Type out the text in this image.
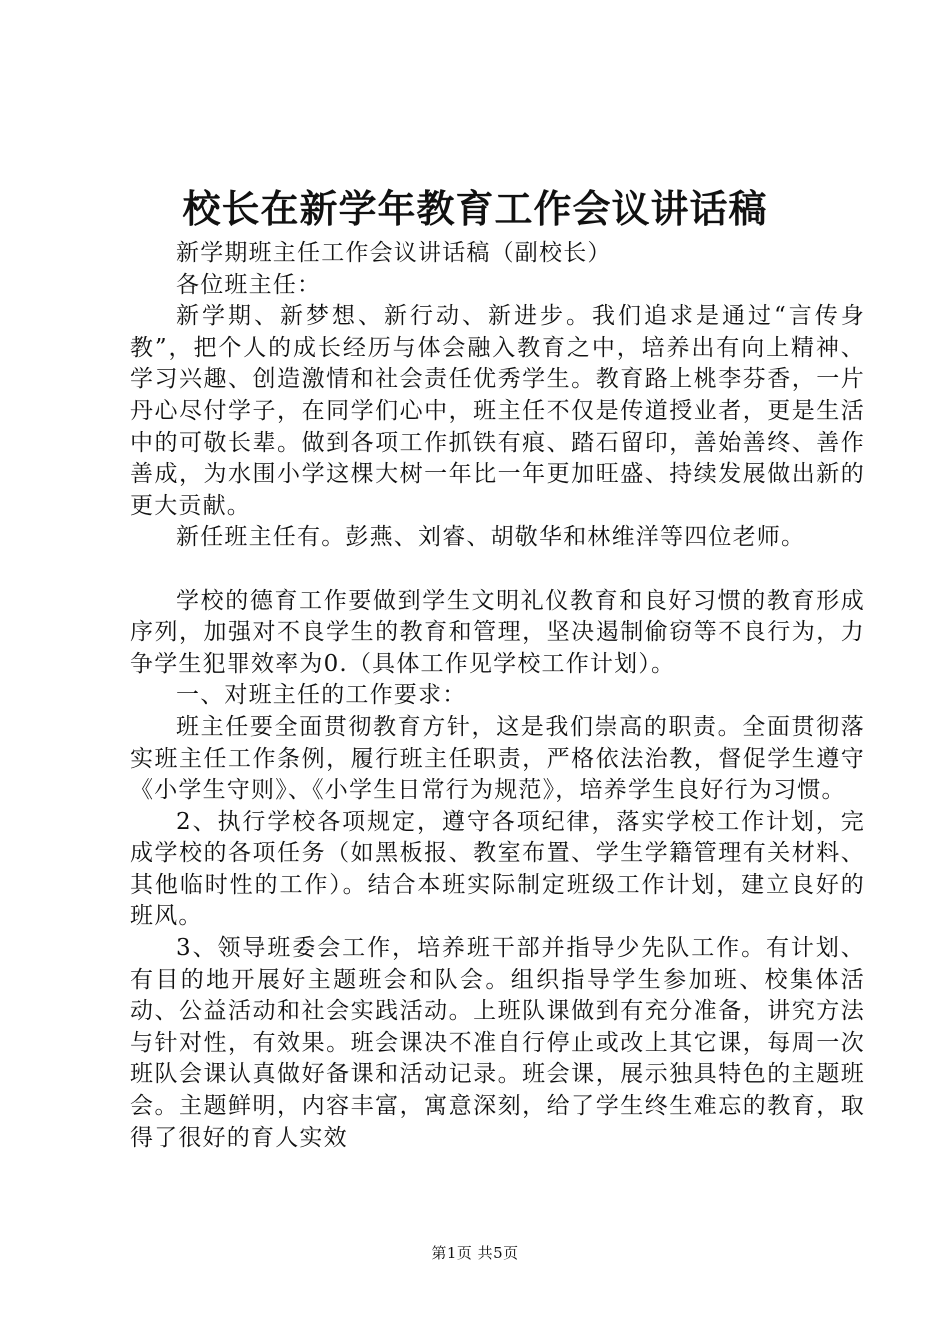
校长在新学年教育工作会议讲话稿

新学期班主任工作会议讲话稿（副校长）

各位班主任：

新学期、新梦想、新行动、新进步。我们追求是通过“言传身教”，把个人的成长经历与体会融入教育之中，培养出有向上精神、学习兴趣、创造激情和社会责任优秀学生。教育路上桃李芬香，一片丹心尽付学子，在同学们心中，班主任不仅是传道授业者，更是生活中的可敬长辈。做到各项工作抓铁有痕、踏石留印，善始善终、善作善成，为水围小学这棵大树一年比一年更加旺盛、持续发展做出新的更大贡献。

新任班主任有。彭燕、刘睿、胡敬华和林维洋等四位老师。

学校的德育工作要做到学生文明礼仪教育和良好习惯的教育形成序列，加强对不良学生的教育和管理，坚决遏制偷窃等不良行为，力争学生犯罪效率为0.（具体工作见学校工作计划）。

一、对班主任的工作要求：

班主任要全面贯彻教育方针，这是我们崇高的职责。全面贯彻落实班主任工作条例，履行班主任职责，严格依法治教，督促学生遵守《小学生守则》、《小学生日常行为规范》，培养学生良好行为习惯。

2、执行学校各项规定，遵守各项纪律，落实学校工作计划，完成学校的各项任务（如黑板报、教室布置、学生学籍管理有关材料、其他临时性的工作）。结合本班实际制定班级工作计划，建立良好的班风。

3、领导班委会工作，培养班干部并指导少先队工作。有计划、有目的地开展好主题班会和队会。组织指导学生参加班、校集体活动、公益活动和社会实践活动。上班队课做到有充分准备，讲究方法与针对性，有效果。班会课决不准自行停止或改上其它课，每周一次班队会课认真做好备课和活动记录。班会课，展示独具特色的主题班会。主题鲜明，内容丰富，寓意深刻，给了学生终生难忘的教育，取得了很好的育人实效

第1页 共5页
